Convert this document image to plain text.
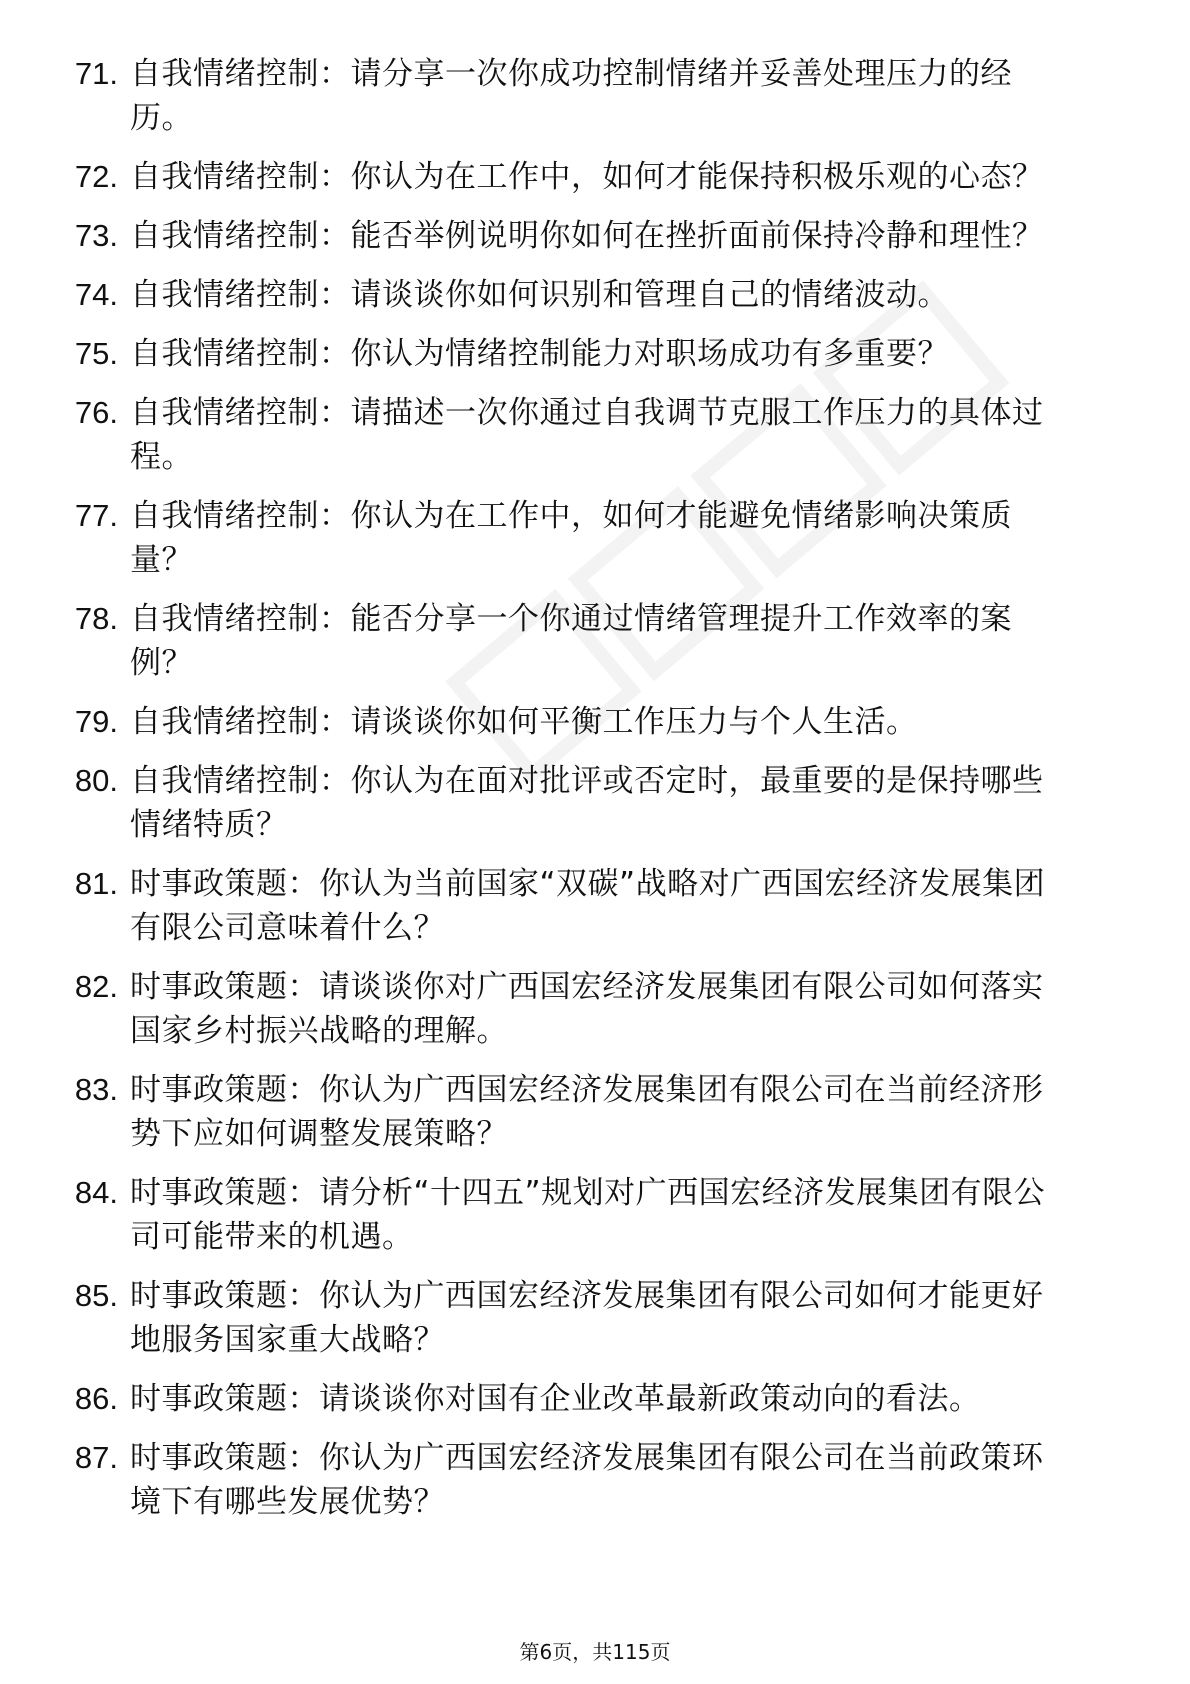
71. 自我情绪控制：请分享一次你成功控制情绪并妥善处理压力的经历。
72. 自我情绪控制：你认为在工作中，如何才能保持积极乐观的心态？
73. 自我情绪控制：能否举例说明你如何在挫折面前保持冷静和理性？
74. 自我情绪控制：请谈谈你如何识别和管理自己的情绪波动。
75. 自我情绪控制：你认为情绪控制能力对职场成功有多重要？
76. 自我情绪控制：请描述一次你通过自我调节克服工作压力的具体过程。
77. 自我情绪控制：你认为在工作中，如何才能避免情绪影响决策质量？
78. 自我情绪控制：能否分享一个你通过情绪管理提升工作效率的案例？
79. 自我情绪控制：请谈谈你如何平衡工作压力与个人生活。
80. 自我情绪控制：你认为在面对批评或否定时，最重要的是保持哪些情绪特质？
81. 时事政策题：你认为当前国家“双碳”战略对广西国宏经济发展集团有限公司意味着什么？
82. 时事政策题：请谈谈你对广西国宏经济发展集团有限公司如何落实国家乡村振兴战略的理解。
83. 时事政策题：你认为广西国宏经济发展集团有限公司在当前经济形势下应如何调整发展策略？
84. 时事政策题：请分析“十四五”规划对广西国宏经济发展集团有限公司可能带来的机遇。
85. 时事政策题：你认为广西国宏经济发展集团有限公司如何才能更好地服务国家重大战略？
86. 时事政策题：请谈谈你对国有企业改革最新政策动向的看法。
87. 时事政策题：你认为广西国宏经济发展集团有限公司在当前政策环境下有哪些发展优势？
第6页，共115页
